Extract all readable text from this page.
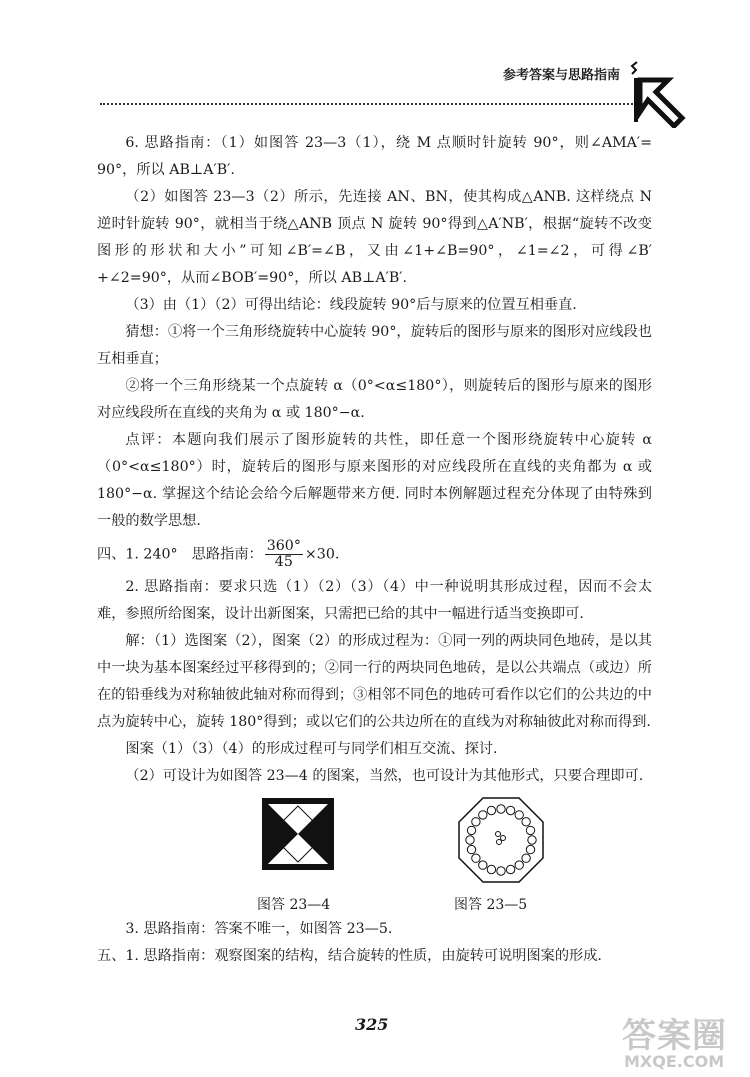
参考答案与思路指南

6. 思路指南：（1）如图答 23—3（1），绕 M 点顺时针旋转 90°，则∠AMA′= 90°，所以 AB⊥A′B′.

（2）如图答 23—3（2）所示，先连接 AN、BN，使其构成△ANB. 这样绕点 N 逆时针旋转 90°，就相当于绕△ANB 顶点 N 旋转 90°得到△A′NB′，根据“旋转不改变图形的形状和大小”可知∠B′=∠B，又由∠1+∠B=90°，∠1=∠2，可得∠B′+∠2=90°，从而∠BOB′=90°，所以 AB⊥A′B′.

（3）由（1）（2）可得出结论：线段旋转 90°后与原来的位置互相垂直.

猜想：①将一个三角形绕旋转中心旋转 90°，旋转后的图形与原来的图形对应线段也互相垂直；

②将一个三角形绕某一个点旋转 α（0°<α≤180°），则旋转后的图形与原来的图形对应线段所在直线的夹角为 α 或 180°−α.

点评：本题向我们展示了图形旋转的共性，即任意一个图形绕旋转中心旋转 α（0°<α≤180°）时，旋转后的图形与原来图形的对应线段所在直线的夹角都为 α 或 180°−α. 掌握这个结论会给今后解题带来方便. 同时本例解题过程充分体现了由特殊到一般的数学思想.

四、1. 240°　思路指南： $\frac{360^\circ}{45} \times 30$.

2. 思路指南：要求只选（1）（2）（3）（4）中一种说明其形成过程，因而不会太难，参照所给图案，设计出新图案，只需把已给的其中一幅进行适当变换即可.

解：（1）选图案（2），图案（2）的形成过程为：①同一列的两块同色地砖，是以其中一块为基本图案经过平移得到的；②同一行的两块同色地砖，是以公共端点（或边）所在的铅垂线为对称轴彼此轴对称而得到；③相邻不同色的地砖可看作以它们的公共边的中点为旋转中心，旋转 180°得到；或以它们的公共边所在的直线为对称轴彼此对称而得到.

图案（1）（3）（4）的形成过程可与同学们相互交流、探讨.

（2）可设计为如图答 23—4 的图案，当然，也可设计为其他形式，只要合理即可.

图答 23—4	图答 23—5

3. 思路指南：答案不唯一，如图答 23—5.

五、1. 思路指南：观察图案的结构，结合旋转的性质，由旋转可说明图案的形成.

325	答案圈
MXQE.COM
